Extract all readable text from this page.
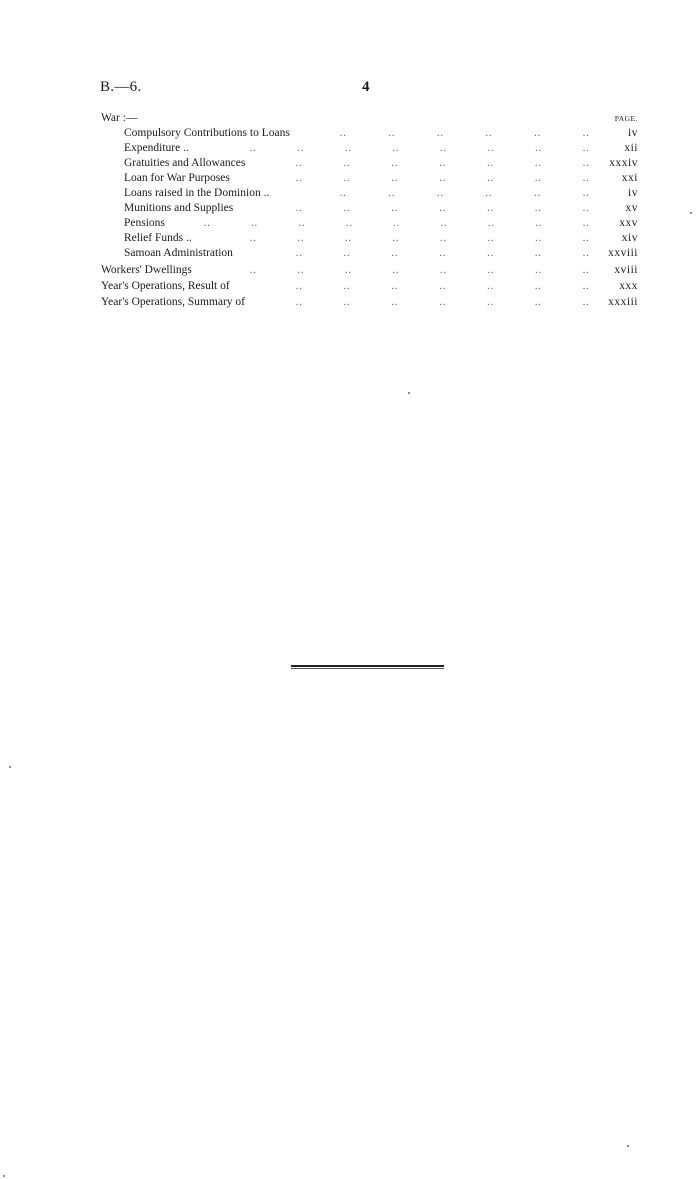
B.—6.	4
PAGE.
War :—
Compulsory Contributions to Loans	..	..	..	..	..	..	iv
Expenditure ..	..	..	..	..	..	..	..	..	xii
Gratuities and Allowances	..	..	..	..	..	..	.. xxxiv
Loan for War Purposes	..	..	..	..	..	..	..	xxi
Loans raised in the Dominion ..	..	..	..	..	..	..	iv
Munitions and Supplies	..	..	..	..	..	..	..	xv
Pensions	..	..	..	..	..	..	..	..	..	xxv
Relief Funds ..	..	..	..	..	..	..	..	..	xiv
Samoan Administration	..	..	..	..	..	..	.. xxviii
Workers' Dwellings	..	..	..	..	..	..	..	.. xviii
Year's Operations, Result of	..	..	..	..	..	..	..	xxx
Year's Operations, Summary of	..	..	..	..	..	..	.. xxxiii
